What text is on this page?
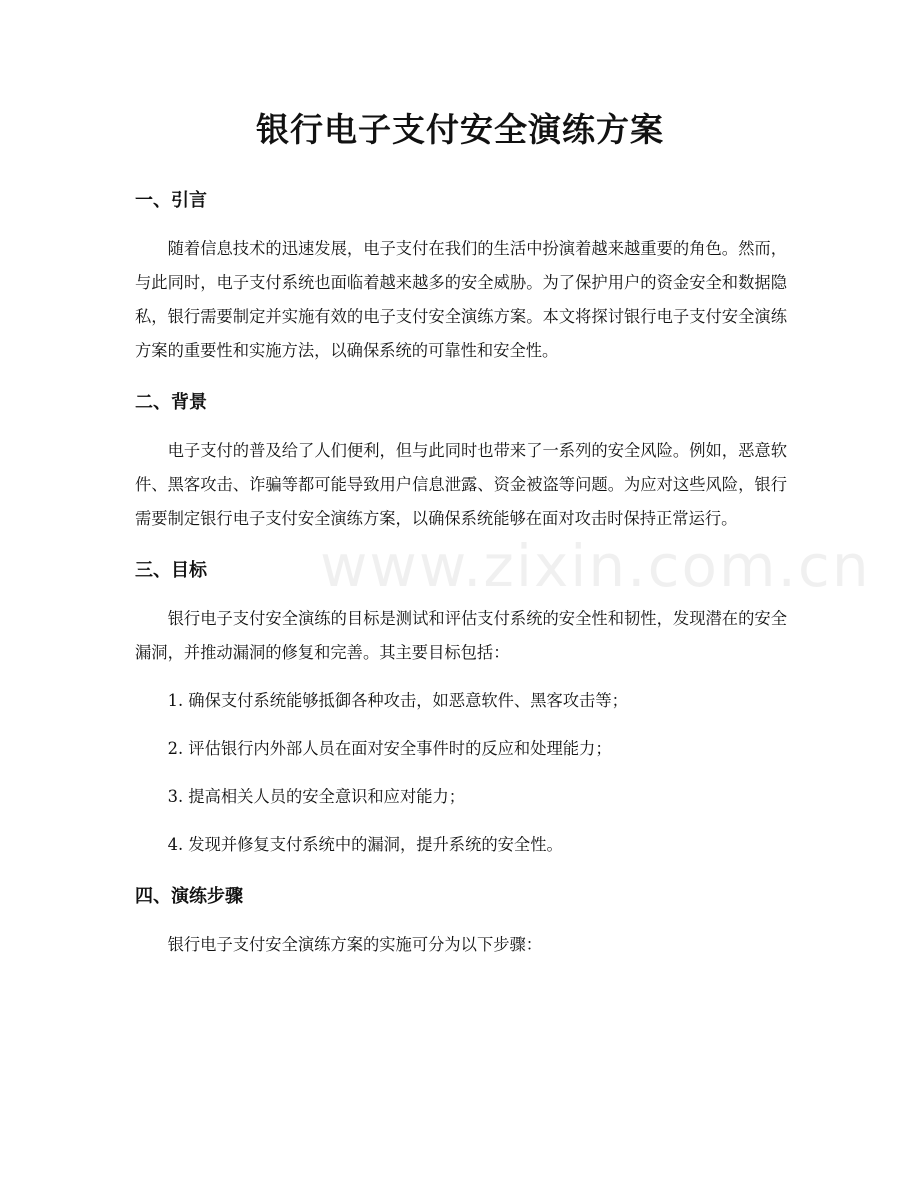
www.zixin.com.cn
银行电子支付安全演练方案
一、引言

随着信息技术的迅速发展，电子支付在我们的生活中扮演着越来越重要的角色。然而，与此同时，电子支付系统也面临着越来越多的安全威胁。为了保护用户的资金安全和数据隐私，银行需要制定并实施有效的电子支付安全演练方案。本文将探讨银行电子支付安全演练方案的重要性和实施方法，以确保系统的可靠性和安全性。

二、背景

电子支付的普及给了人们便利，但与此同时也带来了一系列的安全风险。例如，恶意软件、黑客攻击、诈骗等都可能导致用户信息泄露、资金被盗等问题。为应对这些风险，银行需要制定银行电子支付安全演练方案，以确保系统能够在面对攻击时保持正常运行。

三、目标

银行电子支付安全演练的目标是测试和评估支付系统的安全性和韧性，发现潜在的安全漏洞，并推动漏洞的修复和完善。其主要目标包括：

1. 确保支付系统能够抵御各种攻击，如恶意软件、黑客攻击等；

2. 评估银行内外部人员在面对安全事件时的反应和处理能力；

3. 提高相关人员的安全意识和应对能力；

4. 发现并修复支付系统中的漏洞，提升系统的安全性。

四、演练步骤

银行电子支付安全演练方案的实施可分为以下步骤：
